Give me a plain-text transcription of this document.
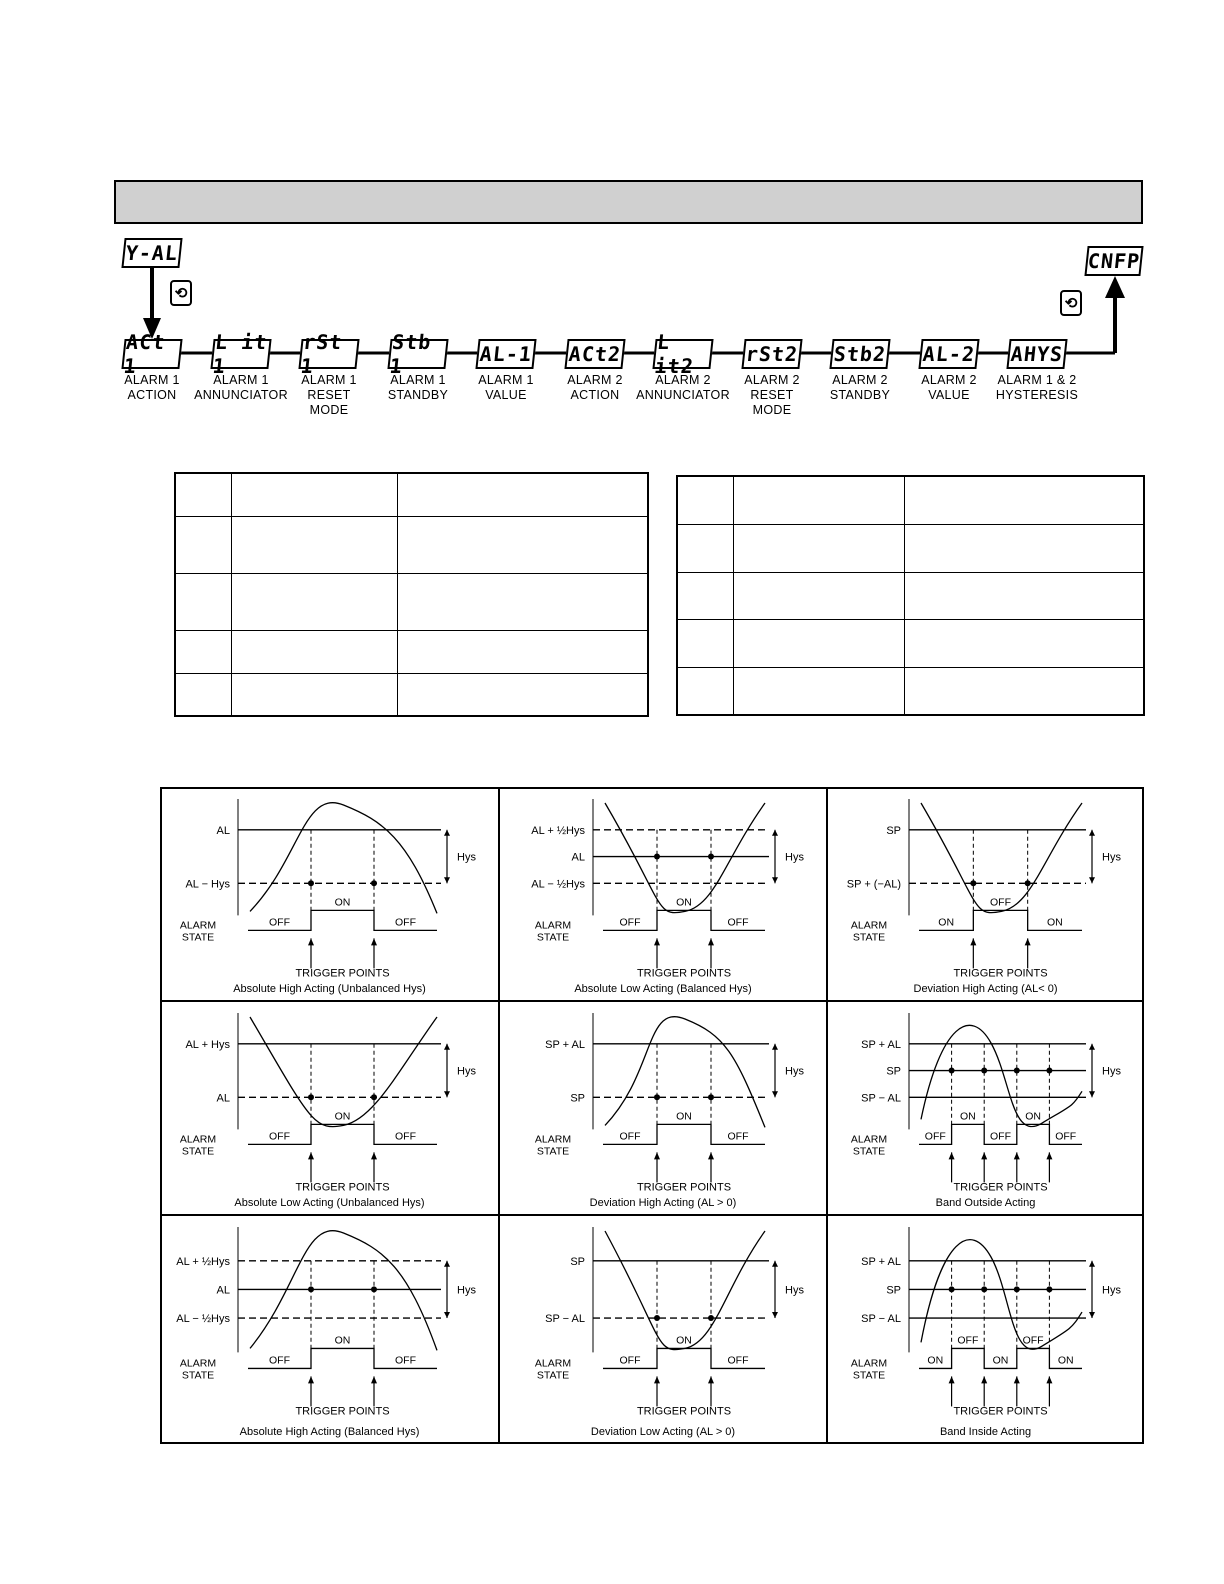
Y-AL	CNFP
⟲
⟲
ACt 1
ALARM 1
ACTION
L it 1
ALARM 1
ANNUNCIATOR
rSt 1
ALARM 1
RESET
MODE
Stb 1
ALARM 1
STANDBY
AL-1
ALARM 1
VALUE
ACt2
ALARM 2
ACTION
L it2
ALARM 2
ANNUNCIATOR
rSt2
ALARM 2
RESET
MODE
Stb2
ALARM 2
STANDBY
AL-2
ALARM 2
VALUE
AHYS
ALARM 1 & 2
HYSTERESIS

AL
AL − Hys
Hys
ALARM
STATE
OFF
ON
OFF
TRIGGER POINTS
Absolute High Acting (Unbalanced Hys)
AL + ½Hys
AL
AL − ½Hys
Hys
ALARM
STATE
OFF
ON
OFF
TRIGGER POINTS
Absolute Low Acting (Balanced Hys)
SP
SP + (−AL)
Hys
ALARM
STATE
ON
OFF
ON
TRIGGER POINTS
Deviation High Acting (AL< 0)
AL + Hys
AL
Hys
ALARM
STATE
OFF
ON
OFF
TRIGGER POINTS
Absolute Low Acting (Unbalanced Hys)
SP + AL
SP
Hys
ALARM
STATE
OFF
ON
OFF
TRIGGER POINTS
Deviation High Acting (AL > 0)
SP + AL
SP
SP − AL
Hys
ALARM
STATE
OFF
ON
OFF
ON
OFF
TRIGGER POINTS
Band Outside Acting
AL + ½Hys
AL
AL − ½Hys
Hys
ALARM
STATE
OFF
ON
OFF
TRIGGER POINTS
Absolute High Acting (Balanced Hys)
SP
SP − AL
Hys
ALARM
STATE
OFF
ON
OFF
TRIGGER POINTS
Deviation Low Acting (AL > 0)
SP + AL
SP
SP − AL
Hys
ALARM
STATE
ON
OFF
ON
OFF
ON
TRIGGER POINTS
Band Inside Acting
